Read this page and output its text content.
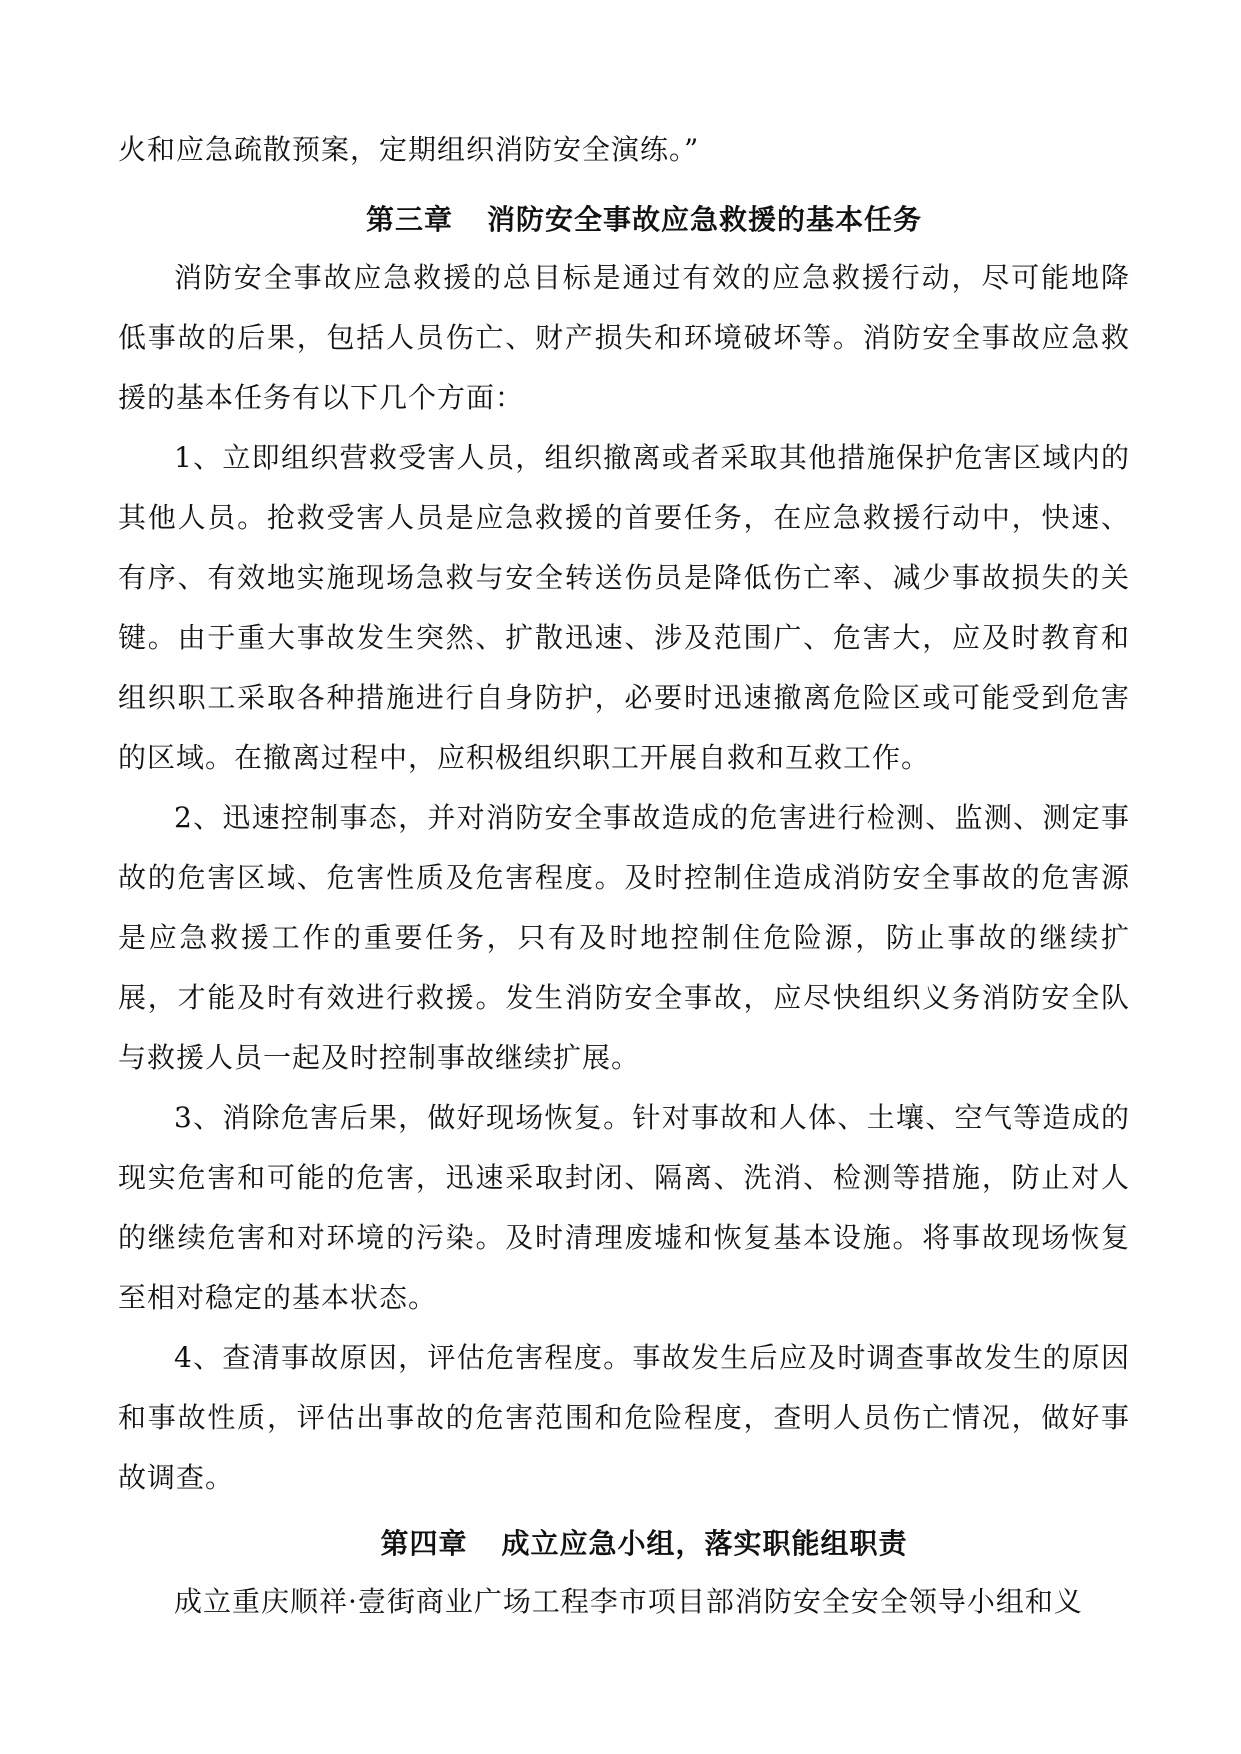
火和应急疏散预案，定期组织消防安全演练。”

第三章 消防安全事故应急救援的基本任务

消防安全事故应急救援的总目标是通过有效的应急救援行动，尽可能地降低事故的后果，包括人员伤亡、财产损失和环境破坏等。消防安全事故应急救援的基本任务有以下几个方面：

1、立即组织营救受害人员，组织撤离或者采取其他措施保护危害区域内的其他人员。抢救受害人员是应急救援的首要任务，在应急救援行动中，快速、有序、有效地实施现场急救与安全转送伤员是降低伤亡率、减少事故损失的关键。由于重大事故发生突然、扩散迅速、涉及范围广、危害大，应及时教育和组织职工采取各种措施进行自身防护，必要时迅速撤离危险区或可能受到危害的区域。在撤离过程中，应积极组织职工开展自救和互救工作。

2、迅速控制事态，并对消防安全事故造成的危害进行检测、监测、测定事故的危害区域、危害性质及危害程度。及时控制住造成消防安全事故的危害源是应急救援工作的重要任务，只有及时地控制住危险源，防止事故的继续扩展，才能及时有效进行救援。发生消防安全事故，应尽快组织义务消防安全队与救援人员一起及时控制事故继续扩展。

3、消除危害后果，做好现场恢复。针对事故和人体、土壤、空气等造成的现实危害和可能的危害，迅速采取封闭、隔离、洗消、检测等措施，防止对人的继续危害和对环境的污染。及时清理废墟和恢复基本设施。将事故现场恢复至相对稳定的基本状态。

4、查清事故原因，评估危害程度。事故发生后应及时调查事故发生的原因和事故性质，评估出事故的危害范围和危险程度，查明人员伤亡情况，做好事故调查。

第四章 成立应急小组，落实职能组职责

成立重庆顺祥·壹街商业广场工程李市项目部消防安全安全领导小组和义
